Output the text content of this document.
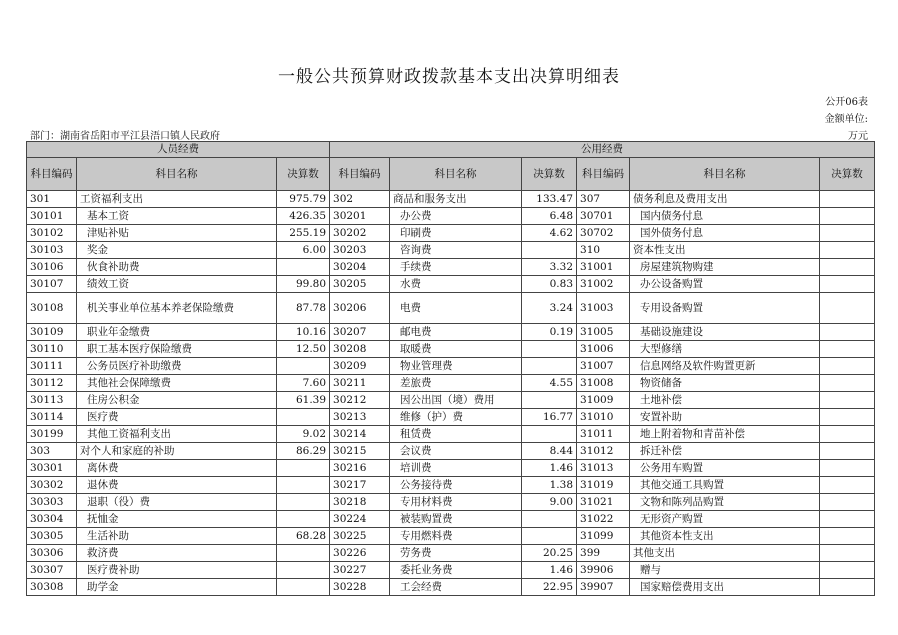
一般公共预算财政拨款基本支出决算明细表
公开06表
金额单位:
万元
部门：湖南省岳阳市平江县浯口镇人民政府
人员经费			公用经费					
科目编码	科目名称	决算数	科目编码	科目名称	决算数	科目编码	科目名称	决算数
301	工资福利支出	975.79	302	商品和服务支出	133.47	307	债务利息及费用支出	
30101	基本工资	426.35	30201	办公费	6.48	30701	国内债务付息	
30102	津贴补贴	255.19	30202	印刷费	4.62	30702	国外债务付息	
30103	奖金	6.00	30203	咨询费		310	资本性支出	
30106	伙食补助费		30204	手续费	3.32	31001	房屋建筑物购建	
30107	绩效工资	99.80	30205	水费	0.83	31002	办公设备购置	
30108	机关事业单位基本养老保险缴费	87.78	30206	电费	3.24	31003	专用设备购置	
30109	职业年金缴费	10.16	30207	邮电费	0.19	31005	基础设施建设	
30110	职工基本医疗保险缴费	12.50	30208	取暖费		31006	大型修缮	
30111	公务员医疗补助缴费		30209	物业管理费		31007	信息网络及软件购置更新	
30112	其他社会保障缴费	7.60	30211	差旅费	4.55	31008	物资储备	
30113	住房公积金	61.39	30212	因公出国（境）费用		31009	土地补偿	
30114	医疗费		30213	维修（护）费	16.77	31010	安置补助	
30199	其他工资福利支出	9.02	30214	租赁费		31011	地上附着物和青苗补偿	
303	对个人和家庭的补助	86.29	30215	会议费	8.44	31012	拆迁补偿	
30301	离休费		30216	培训费	1.46	31013	公务用车购置	
30302	退休费		30217	公务接待费	1.38	31019	其他交通工具购置	
30303	退职（役）费		30218	专用材料费	9.00	31021	文物和陈列品购置	
30304	抚恤金		30224	被装购置费		31022	无形资产购置	
30305	生活补助	68.28	30225	专用燃料费		31099	其他资本性支出	
30306	救济费		30226	劳务费	20.25	399	其他支出	
30307	医疗费补助		30227	委托业务费	1.46	39906	赠与	
30308	助学金		30228	工会经费	22.95	39907	国家赔偿费用支出	
